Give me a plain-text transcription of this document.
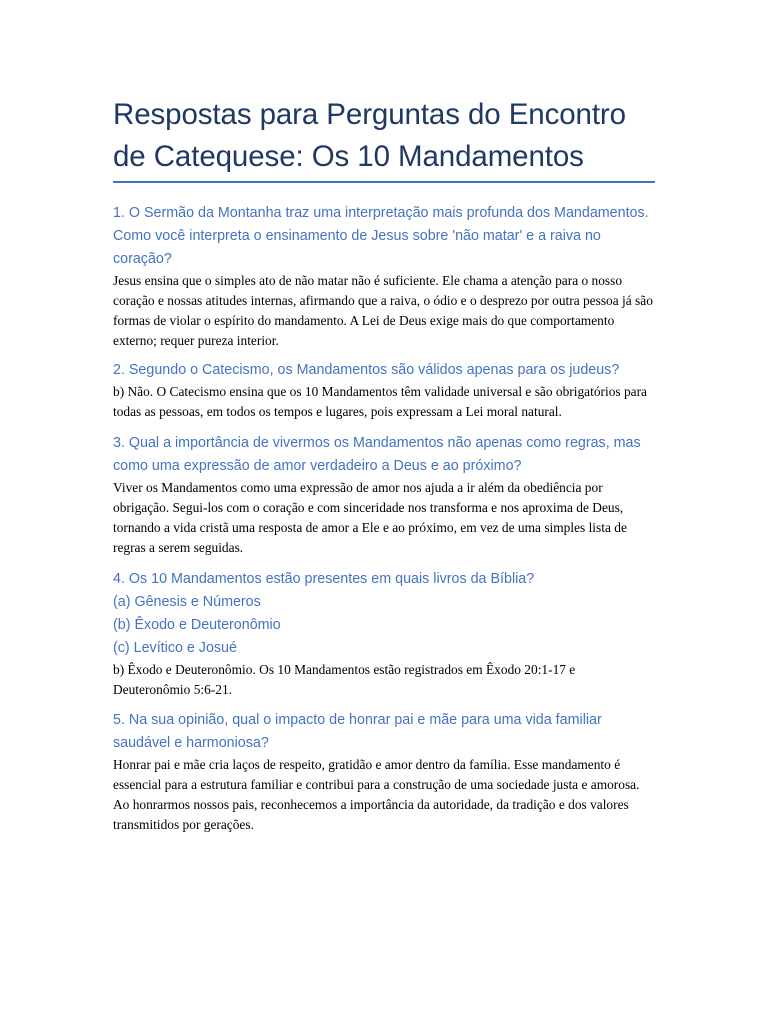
Respostas para Perguntas do Encontro de Catequese: Os 10 Mandamentos

1. O Sermão da Montanha traz uma interpretação mais profunda dos Mandamentos. Como você interpreta o ensinamento de Jesus sobre 'não matar' e a raiva no coração?

Jesus ensina que o simples ato de não matar não é suficiente. Ele chama a atenção para o nosso coração e nossas atitudes internas, afirmando que a raiva, o ódio e o desprezo por outra pessoa já são formas de violar o espírito do mandamento. A Lei de Deus exige mais do que comportamento externo; requer pureza interior.

2. Segundo o Catecismo, os Mandamentos são válidos apenas para os judeus?

b) Não. O Catecismo ensina que os 10 Mandamentos têm validade universal e são obrigatórios para todas as pessoas, em todos os tempos e lugares, pois expressam a Lei moral natural.

3. Qual a importância de vivermos os Mandamentos não apenas como regras, mas como uma expressão de amor verdadeiro a Deus e ao próximo?

Viver os Mandamentos como uma expressão de amor nos ajuda a ir além da obediência por obrigação. Segui-los com o coração e com sinceridade nos transforma e nos aproxima de Deus, tornando a vida cristã uma resposta de amor a Ele e ao próximo, em vez de uma simples lista de regras a serem seguidas.

4. Os 10 Mandamentos estão presentes em quais livros da Bíblia?

(a) Gênesis e Números

(b) Êxodo e Deuteronômio

(c) Levítico e Josué

b) Êxodo e Deuteronômio. Os 10 Mandamentos estão registrados em Êxodo 20:1-17 e Deuteronômio 5:6-21.

5. Na sua opinião, qual o impacto de honrar pai e mãe para uma vida familiar saudável e harmoniosa?

Honrar pai e mãe cria laços de respeito, gratidão e amor dentro da família. Esse mandamento é essencial para a estrutura familiar e contribui para a construção de uma sociedade justa e amorosa. Ao honrarmos nossos pais, reconhecemos a importância da autoridade, da tradição e dos valores transmitidos por gerações.
